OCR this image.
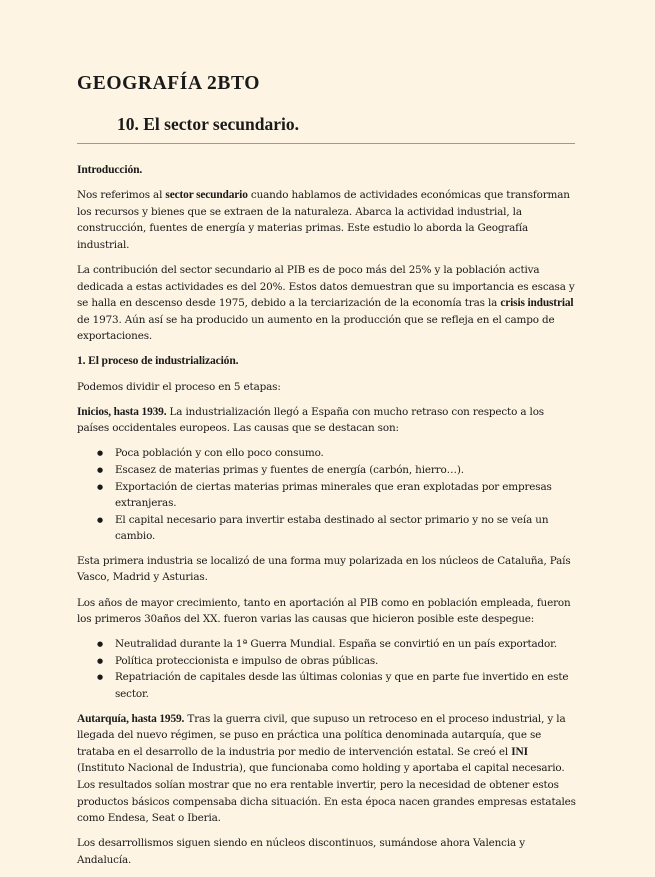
GEOGRAFÍA 2BTO
10. El sector secundario.

Introducción.

Nos referimos al sector secundario cuando hablamos de actividades económicas que transforman los recursos y bienes que se extraen de la naturaleza. Abarca la actividad industrial, la construcción, fuentes de energía y materias primas. Este estudio lo aborda la Geografía industrial.

La contribución del sector secundario al PIB es de poco más del 25% y la población activa dedicada a estas actividades es del 20%. Estos datos demuestran que su importancia es escasa y se halla en descenso desde 1975, debido a la terciarización de la economía tras la crisis industrial de 1973. Aún así se ha producido un aumento en la producción que se refleja en el campo de exportaciones.

1. El proceso de industrialización.

Podemos dividir el proceso en 5 etapas:

Inicios, hasta 1939. La industrialización llegó a España con mucho retraso con respecto a los países occidentales europeos. Las causas que se destacan son:

● Poca población y con ello poco consumo.
● Escasez de materias primas y fuentes de energía (carbón, hierro…).
● Exportación de ciertas materias primas minerales que eran explotadas por empresas extranjeras.
● El capital necesario para invertir estaba destinado al sector primario y no se veía un cambio.

Esta primera industria se localizó de una forma muy polarizada en los núcleos de Cataluña, País Vasco, Madrid y Asturias.

Los años de mayor crecimiento, tanto en aportación al PIB como en población empleada, fueron los primeros 30años del XX. fueron varias las causas que hicieron posible este despegue:

● Neutralidad durante la 1ª Guerra Mundial. España se convirtió en un país exportador.
● Política proteccionista e impulso de obras públicas.
● Repatriación de capitales desde las últimas colonias y que en parte fue invertido en este sector.

Autarquía, hasta 1959. Tras la guerra civil, que supuso un retroceso en el proceso industrial, y la llegada del nuevo régimen, se puso en práctica una política denominada autarquía, que se trataba en el desarrollo de la industria por medio de intervención estatal. Se creó el INI (Instituto Nacional de Industria), que funcionaba como holding y aportaba el capital necesario. Los resultados solían mostrar que no era rentable invertir, pero la necesidad de obtener estos productos básicos compensaba dicha situación. En esta época nacen grandes empresas estatales como Endesa, Seat o Iberia.

Los desarrollismos siguen siendo en núcleos discontinuos, sumándose ahora Valencia y Andalucía.
